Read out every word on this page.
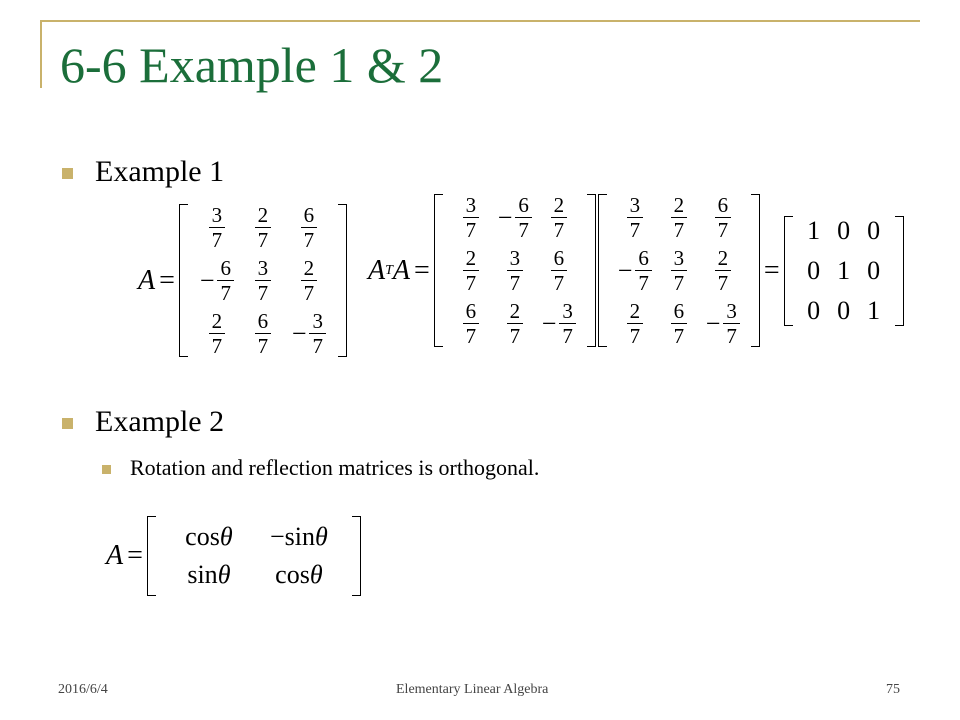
6-6 Example 1 & 2
Example 1
A =
$\frac{3}{7} \frac{2}{7} \frac{6}{7}$
− $\frac{6}{7} \frac{3}{7} \frac{2}{7}$
$\frac{2}{7} \frac{6}{7} - \frac{3}{7}$
A T A =
$\frac{3}{7} - \frac{6}{7} \frac{2}{7}$
$\frac{2}{7} \frac{3}{7} \frac{6}{7}$
$\frac{6}{7} \frac{2}{7} - \frac{3}{7}$
$\frac{3}{7} \frac{2}{7} \frac{6}{7}$
− $\frac{6}{7} \frac{3}{7} \frac{2}{7}$
$\frac{2}{7} \frac{6}{7} - \frac{3}{7}$
=
1 0 0
0 1 0
0 0 1
Example 2
Rotation and reflection matrices is orthogonal.
A =
cosθ −sinθ
sinθ cosθ
2016/6/4	Elementary Linear Algebra	75
